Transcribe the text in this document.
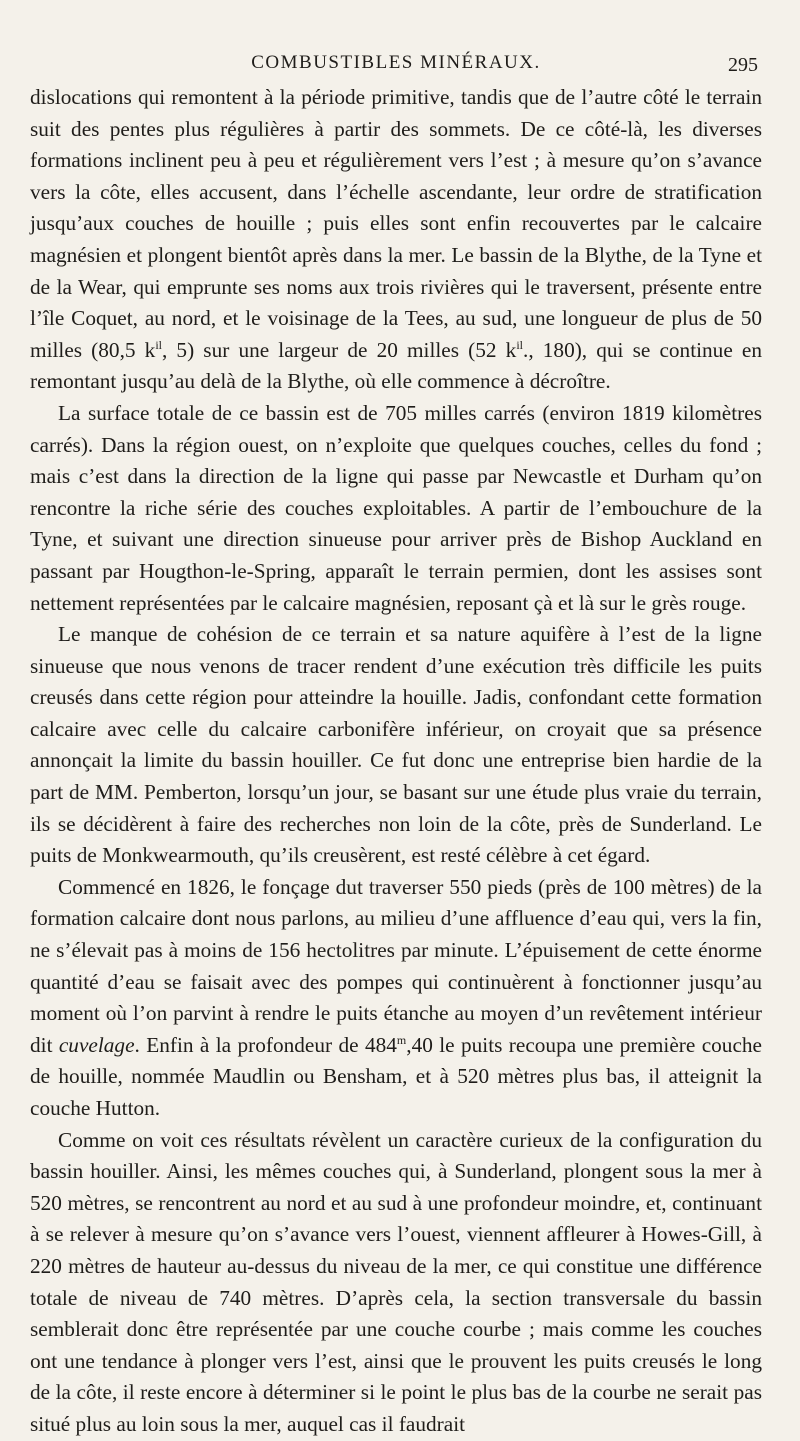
COMBUSTIBLES MINÉRAUX.	295

dislocations qui remontent à la période primitive, tandis que de l’autre côté le terrain suit des pentes plus régulières à partir des sommets. De ce côté-là, les diverses formations inclinent peu à peu et régulièrement vers l’est ; à mesure qu’on s’avance vers la côte, elles accusent, dans l’échelle ascendante, leur ordre de stratification jusqu’aux couches de houille ; puis elles sont enfin recouvertes par le calcaire magnésien et plongent bientôt après dans la mer. Le bassin de la Blythe, de la Tyne et de la Wear, qui emprunte ses noms aux trois rivières qui le traversent, présente entre l’île Coquet, au nord, et le voisinage de la Tees, au sud, une longueur de plus de 50 milles (80,5 $k^{il}$, 5) sur une largeur de 20 milles (52 $k^{il}$., 180), qui se continue en remontant jusqu’au delà de la Blythe, où elle commence à décroître.

La surface totale de ce bassin est de 705 milles carrés (environ 1819 kilomètres carrés). Dans la région ouest, on n’exploite que quelques couches, celles du fond ; mais c’est dans la direction de la ligne qui passe par Newcastle et Durham qu’on rencontre la riche série des couches exploitables. A partir de l’embouchure de la Tyne, et suivant une direction sinueuse pour arriver près de Bishop Auckland en passant par Hougthon-le-Spring, apparaît le terrain permien, dont les assises sont nettement représentées par le calcaire magnésien, reposant çà et là sur le grès rouge.

Le manque de cohésion de ce terrain et sa nature aquifère à l’est de la ligne sinueuse que nous venons de tracer rendent d’une exécution très difficile les puits creusés dans cette région pour atteindre la houille. Jadis, confondant cette formation calcaire avec celle du calcaire carbonifère inférieur, on croyait que sa présence annonçait la limite du bassin houiller. Ce fut donc une entreprise bien hardie de la part de MM. Pemberton, lorsqu’un jour, se basant sur une étude plus vraie du terrain, ils se décidèrent à faire des recherches non loin de la côte, près de Sunderland. Le puits de Monkwearmouth, qu’ils creusèrent, est resté célèbre à cet égard.

Commencé en 1826, le fonçage dut traverser 550 pieds (près de 100 mètres) de la formation calcaire dont nous parlons, au milieu d’une affluence d’eau qui, vers la fin, ne s’élevait pas à moins de 156 hectolitres par minute. L’épuisement de cette énorme quantité d’eau se faisait avec des pompes qui continuèrent à fonctionner jusqu’au moment où l’on parvint à rendre le puits étanche au moyen d’un revêtement intérieur dit cuvelage. Enfin à la profondeur de 484$^m$,40 le puits recoupa une première couche de houille, nommée Maudlin ou Bensham, et à 520 mètres plus bas, il atteignit la couche Hutton.

Comme on voit ces résultats révèlent un caractère curieux de la configuration du bassin houiller. Ainsi, les mêmes couches qui, à Sunderland, plongent sous la mer à 520 mètres, se rencontrent au nord et au sud à une profondeur moindre, et, continuant à se relever à mesure qu’on s’avance vers l’ouest, viennent affleurer à Howes-Gill, à 220 mètres de hauteur au-dessus du niveau de la mer, ce qui constitue une différence totale de niveau de 740 mètres. D’après cela, la section transversale du bassin semblerait donc être représentée par une couche courbe ; mais comme les couches ont une tendance à plonger vers l’est, ainsi que le prouvent les puits creusés le long de la côte, il reste encore à déterminer si le point le plus bas de la courbe ne serait pas situé plus au loin sous la mer, auquel cas il faudrait
